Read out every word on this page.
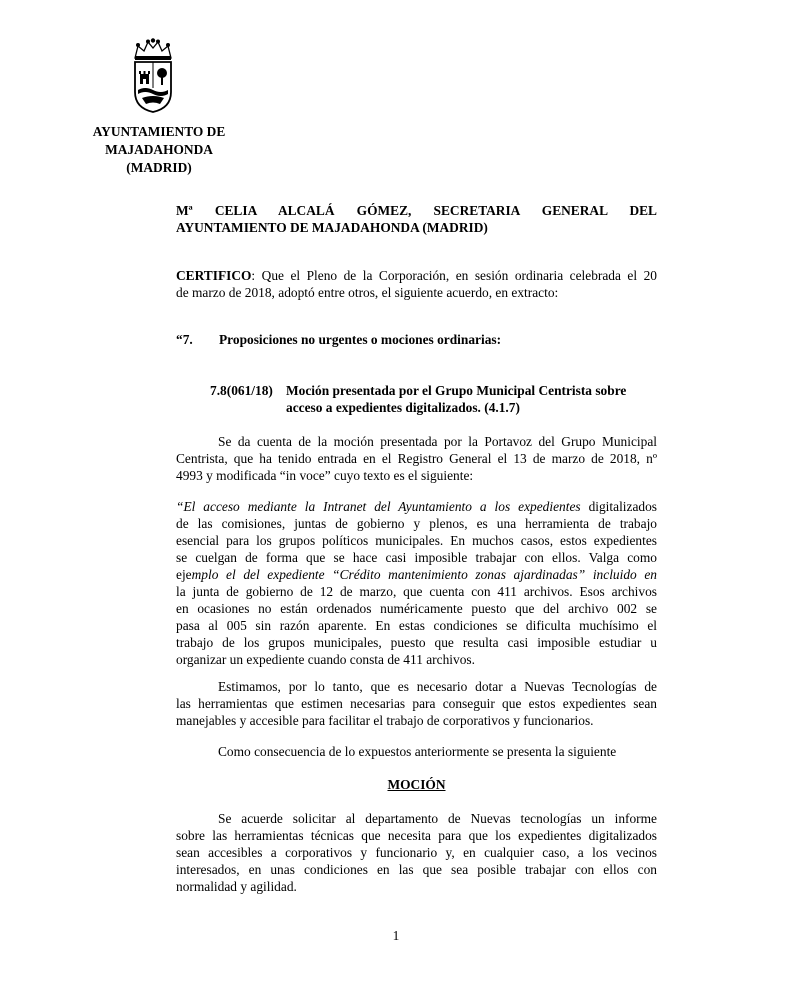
AYUNTAMIENTO DE
MAJADAHONDA
(MADRID)
Mª CELIA ALCALÁ GÓMEZ, SECRETARIA GENERAL DEL
AYUNTAMIENTO DE MAJADAHONDA (MADRID)
CERTIFICO: Que el Pleno de la Corporación, en sesión ordinaria celebrada el 20
de marzo de 2018, adoptó entre otros, el siguiente acuerdo, en extracto:
“7. Proposiciones no urgentes o mociones ordinarias:
7.8(061/18) Moción presentada por el Grupo Municipal Centrista sobre
acceso a expedientes digitalizados. (4.1.7)
Se da cuenta de la moción presentada por la Portavoz del Grupo Municipal
Centrista, que ha tenido entrada en el Registro General el 13 de marzo de 2018, nº
4993 y modificada “in voce” cuyo texto es el siguiente:
“El acceso mediante la Intranet del Ayuntamiento a los expedientes digitalizados
de las comisiones, juntas de gobierno y plenos, es una herramienta de trabajo
esencial para los grupos políticos municipales. En muchos casos, estos expedientes
se cuelgan de forma que se hace casi imposible trabajar con ellos. Valga como
ejemplo el del expediente “Crédito mantenimiento zonas ajardinadas” incluido en
la junta de gobierno de 12 de marzo, que cuenta con 411 archivos. Esos archivos
en ocasiones no están ordenados numéricamente puesto que del archivo 002 se
pasa al 005 sin razón aparente. En estas condiciones se dificulta muchísimo el
trabajo de los grupos municipales, puesto que resulta casi imposible estudiar u
organizar un expediente cuando consta de 411 archivos.
Estimamos, por lo tanto, que es necesario dotar a Nuevas Tecnologías de
las herramientas que estimen necesarias para conseguir que estos expedientes sean
manejables y accesible para facilitar el trabajo de corporativos y funcionarios.
Como consecuencia de lo expuestos anteriormente se presenta la siguiente
MOCIÓN
Se acuerde solicitar al departamento de Nuevas tecnologías un informe
sobre las herramientas técnicas que necesita para que los expedientes digitalizados
sean accesibles a corporativos y funcionario y, en cualquier caso, a los vecinos
interesados, en unas condiciones en las que sea posible trabajar con ellos con
normalidad y agilidad.
1
